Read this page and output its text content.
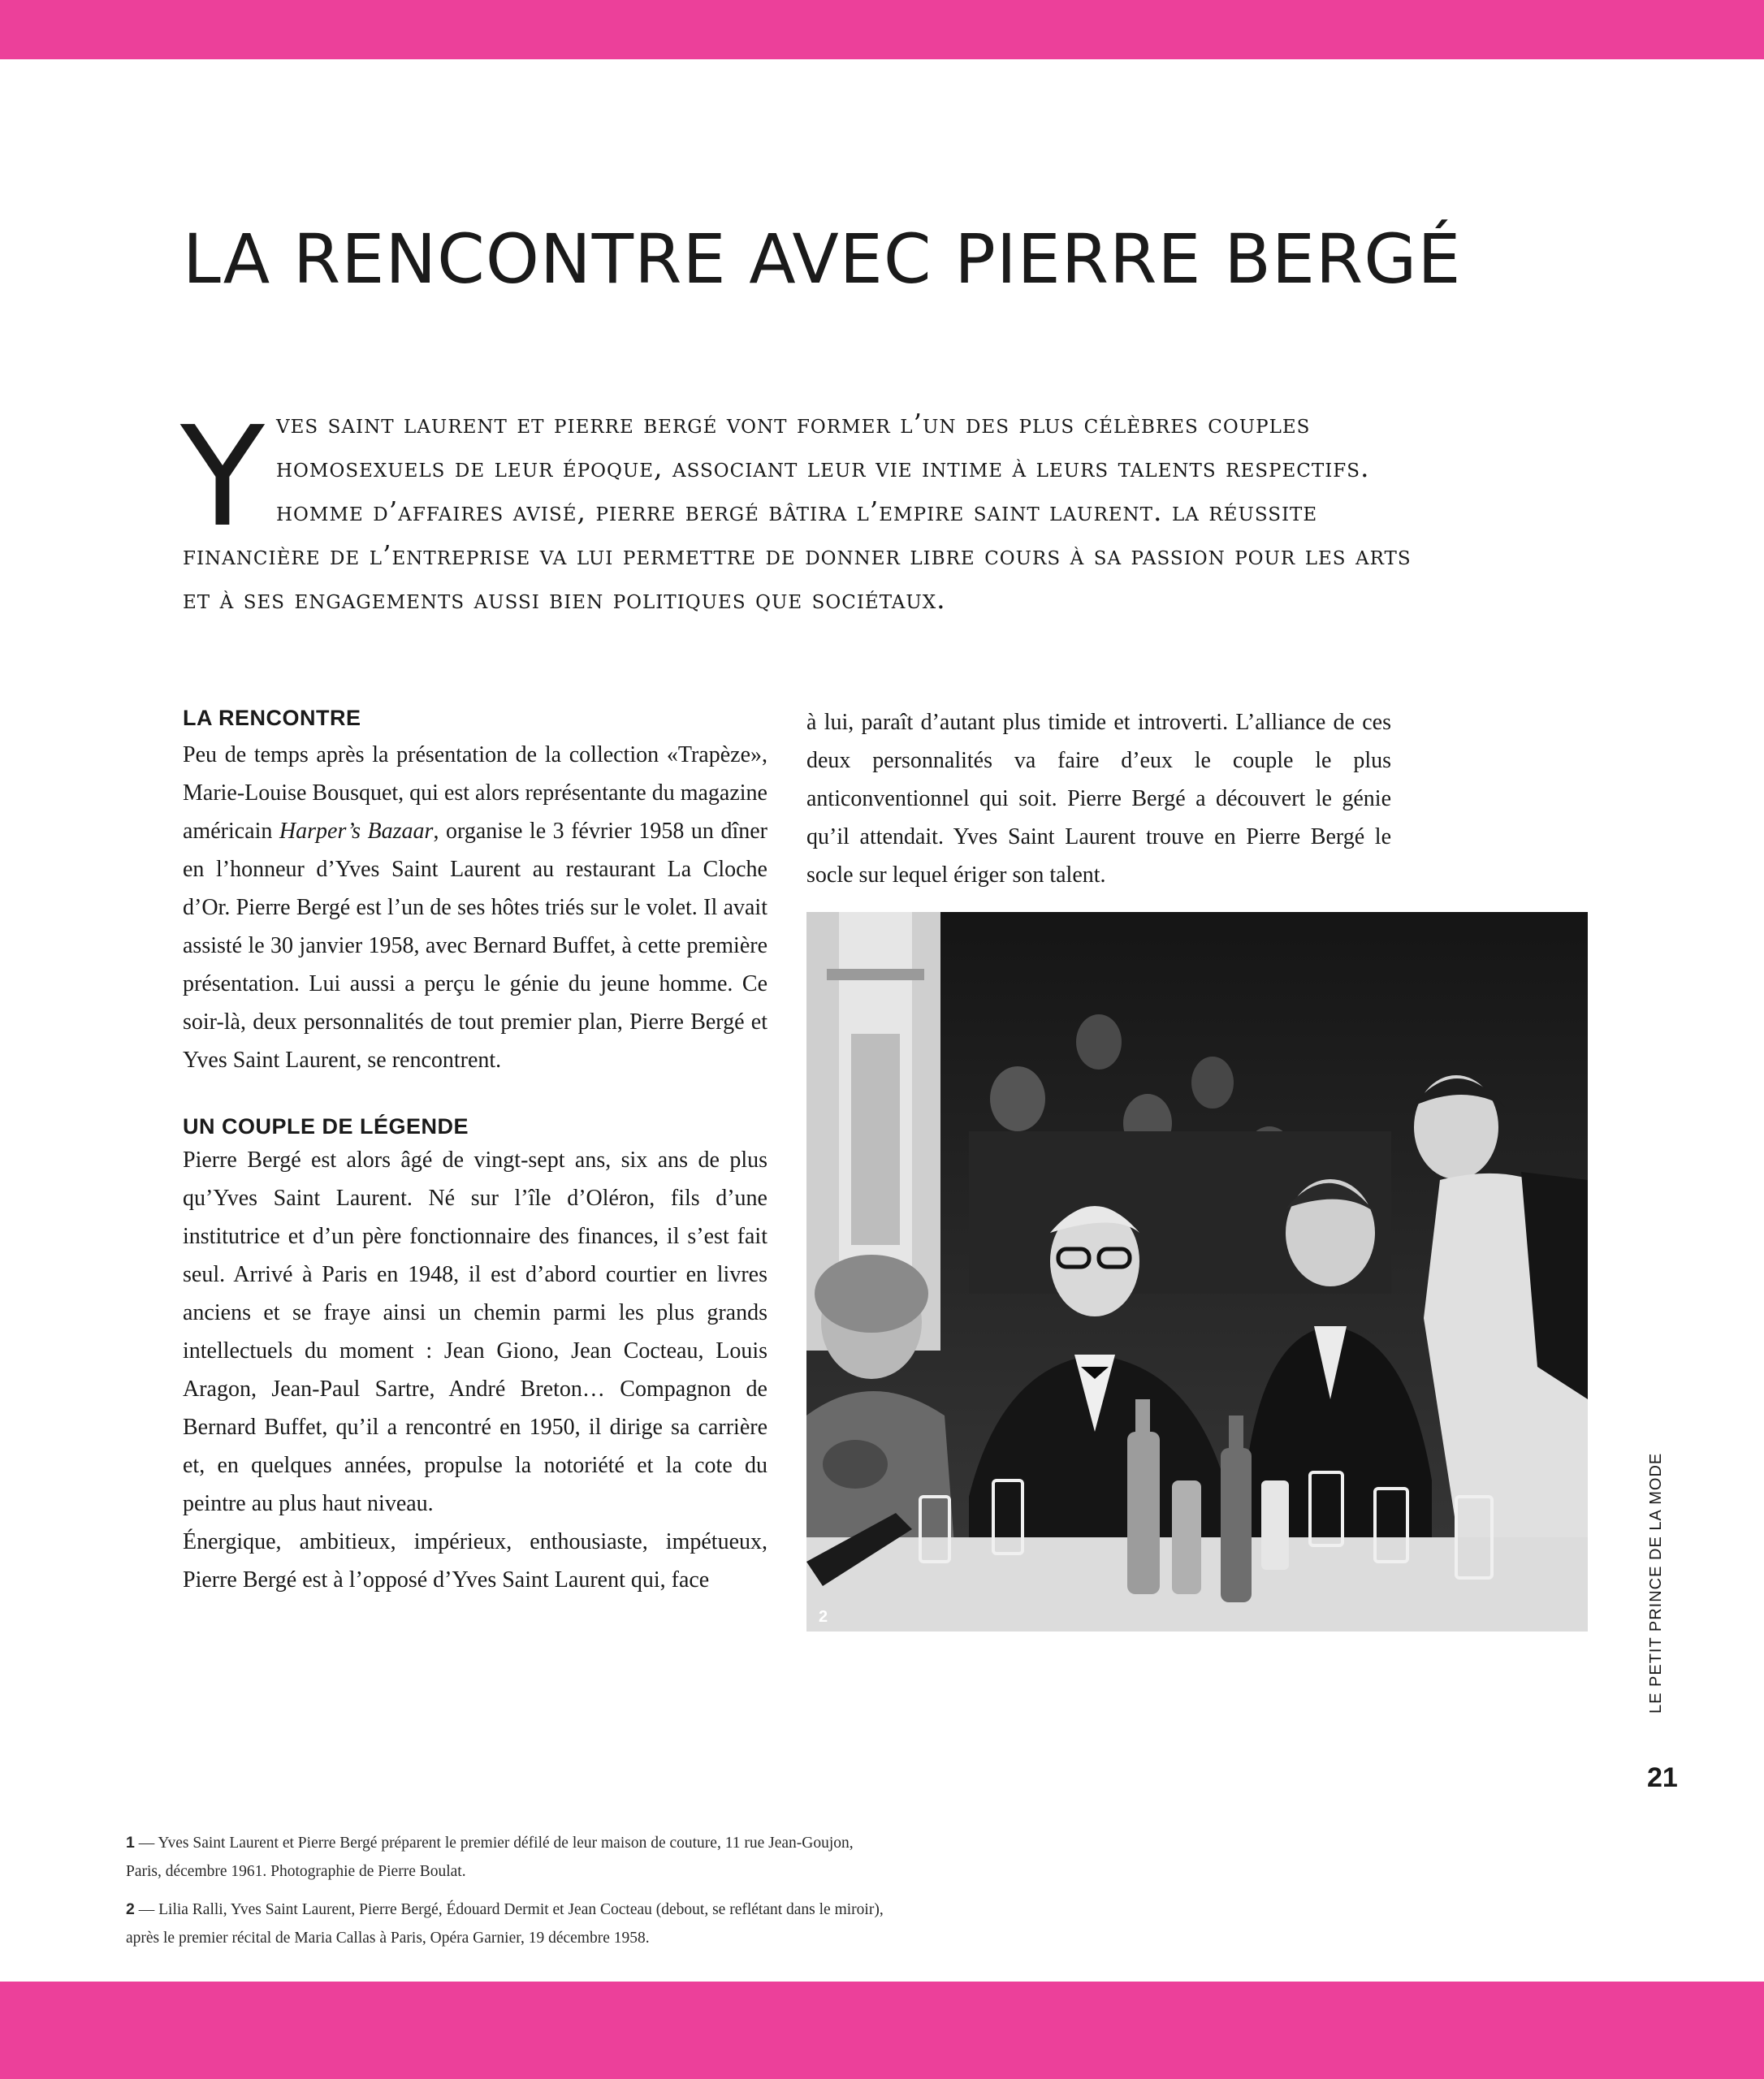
LA RENCONTRE AVEC PIERRE BERGÉ
Y ves saint laurent et pierre bergé vont former l’un des plus célèbres couples
homosexuels de leur époque, associant leur vie intime à leurs talents respectifs.
homme d’affaires avisé, pierre bergé bâtira l’empire saint laurent. la réussite
financière de l’entreprise va lui permettre de donner libre cours à sa passion pour les arts
et à ses engagements aussi bien politiques que sociétaux.
LA RENCONTRE

Peu de temps après la présentation de la collection «Trapèze», Marie-Louise Bousquet, qui est alors représentante du magazine américain Harper’s Bazaar, organise le 3 février 1958 un dîner en l’honneur d’Yves Saint Laurent au restaurant La Cloche d’Or. Pierre Bergé est l’un de ses hôtes triés sur le volet. Il avait assisté le 30 janvier 1958, avec Bernard Buffet, à cette première présentation. Lui aussi a perçu le génie du jeune homme. Ce soir-là, deux personnalités de tout premier plan, Pierre Bergé et Yves Saint Laurent, se rencontrent.

UN COUPLE DE LÉGENDE

Pierre Bergé est alors âgé de vingt-sept ans, six ans de plus qu’Yves Saint Laurent. Né sur l’île d’Oléron, fils d’une institutrice et d’un père fonctionnaire des finances, il s’est fait seul. Arrivé à Paris en 1948, il est d’abord courtier en livres anciens et se fraye ainsi un chemin parmi les plus grands intellectuels du moment : Jean Giono, Jean Cocteau, Louis Aragon, Jean-Paul Sartre, André Breton… Compagnon de Bernard Buffet, qu’il a rencontré en 1950, il dirige sa carrière et, en quelques années, propulse la notoriété et la cote du peintre au plus haut niveau.

Énergique, ambitieux, impérieux, enthousiaste, impétueux, Pierre Bergé est à l’opposé d’Yves Saint Laurent qui, face

à lui, paraît d’autant plus timide et introverti. L’alliance de ces deux personnalités va faire d’eux le couple le plus anticonventionnel qui soit. Pierre Bergé a découvert le génie qu’il attendait. Yves Saint Laurent trouve en Pierre Bergé le socle sur lequel ériger son talent.

2	LE PETIT PRINCE DE LA MODE
21

1 — Yves Saint Laurent et Pierre Bergé préparent le premier défilé de leur maison de couture, 11 rue Jean-Goujon, Paris, décembre 1961. Photographie de Pierre Boulat.

2 — Lilia Ralli, Yves Saint Laurent, Pierre Bergé, Édouard Dermit et Jean Cocteau (debout, se reflétant dans le miroir), après le premier récital de Maria Callas à Paris, Opéra Garnier, 19 décembre 1958.
